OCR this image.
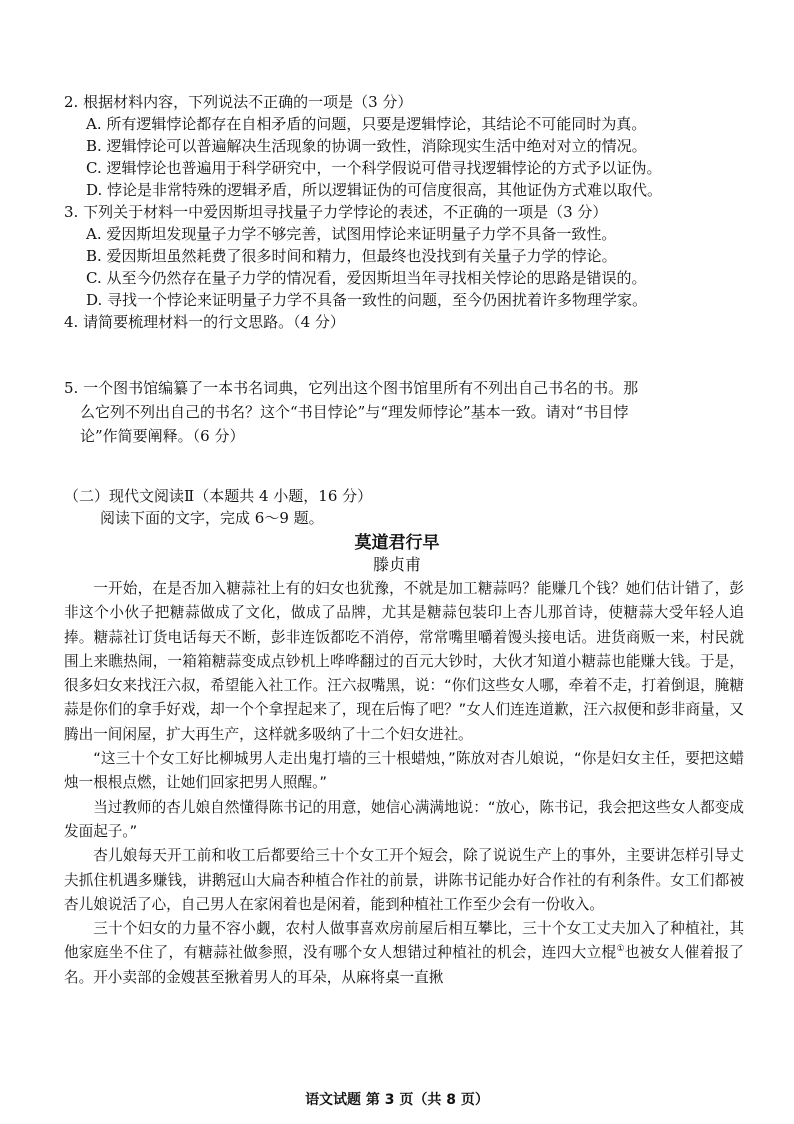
2. 根据材料内容，下列说法不正确的一项是（3 分）
A. 所有逻辑悖论都存在自相矛盾的问题，只要是逻辑悖论，其结论不可能同时为真。
B. 逻辑悖论可以普遍解决生活现象的协调一致性，消除现实生活中绝对对立的情况。
C. 逻辑悖论也普遍用于科学研究中，一个科学假说可借寻找逻辑悖论的方式予以证伪。
D. 悖论是非常特殊的逻辑矛盾，所以逻辑证伪的可信度很高，其他证伪方式难以取代。
3. 下列关于材料一中爱因斯坦寻找量子力学悖论的表述，不正确的一项是（3 分）
A. 爱因斯坦发现量子力学不够完善，试图用悖论来证明量子力学不具备一致性。
B. 爱因斯坦虽然耗费了很多时间和精力，但最终也没找到有关量子力学的悖论。
C. 从至今仍然存在量子力学的情况看，爱因斯坦当年寻找相关悖论的思路是错误的。
D. 寻找一个悖论来证明量子力学不具备一致性的问题，至今仍困扰着许多物理学家。
4. 请简要梳理材料一的行文思路。（4 分）
5. 一个图书馆编纂了一本书名词典，它列出这个图书馆里所有不列出自己书名的书。那
么它列不列出自己的书名？这个“书目悖论”与“理发师悖论”基本一致。请对“书目悖
论”作简要阐释。（6 分）
（二）现代文阅读Ⅱ（本题共 4 小题，16 分）
阅读下面的文字，完成 6～9 题。
莫道君行早
滕贞甫

一开始，在是否加入糖蒜社上有的妇女也犹豫，不就是加工糖蒜吗？能赚几个钱？她们估计错了，彭非这个小伙子把糖蒜做成了文化，做成了品牌，尤其是糖蒜包装印上杏儿那首诗，使糖蒜大受年轻人追捧。糖蒜社订货电话每天不断，彭非连饭都吃不消停，常常嘴里嚼着馒头接电话。进货商贩一来，村民就围上来瞧热闹，一箱箱糖蒜变成点钞机上哗哗翻过的百元大钞时，大伙才知道小糖蒜也能赚大钱。于是，很多妇女来找汪六叔，希望能入社工作。汪六叔嘴黑，说：“你们这些女人哪，牵着不走，打着倒退，腌糖蒜是你们的拿手好戏，却一个个拿捏起来了，现在后悔了吧？”女人们连连道歉，汪六叔便和彭非商量，又腾出一间闲屋，扩大再生产，这样就多吸纳了十二个妇女进社。

“这三十个女工好比柳城男人走出鬼打墙的三十根蜡烛，”陈放对杏儿娘说，“你是妇女主任，要把这蜡烛一根根点燃，让她们回家把男人照醒。”

当过教师的杏儿娘自然懂得陈书记的用意，她信心满满地说：“放心，陈书记，我会把这些女人都变成发面起子。”

杏儿娘每天开工前和收工后都要给三十个女工开个短会，除了说说生产上的事外，主要讲怎样引导丈夫抓住机遇多赚钱，讲鹅冠山大扁杏种植合作社的前景，讲陈书记能办好合作社的有利条件。女工们都被杏儿娘说活了心，自己男人在家闲着也是闲着，能到种植社工作至少会有一份收入。

三十个妇女的力量不容小觑，农村人做事喜欢房前屋后相互攀比，三十个女工丈夫加入了种植社，其他家庭坐不住了，有糖蒜社做参照，没有哪个女人想错过种植社的机会，连四大立棍①也被女人催着报了名。开小卖部的金嫂甚至揪着男人的耳朵，从麻将桌一直揪

语文试题 第 3 页（共 8 页）
